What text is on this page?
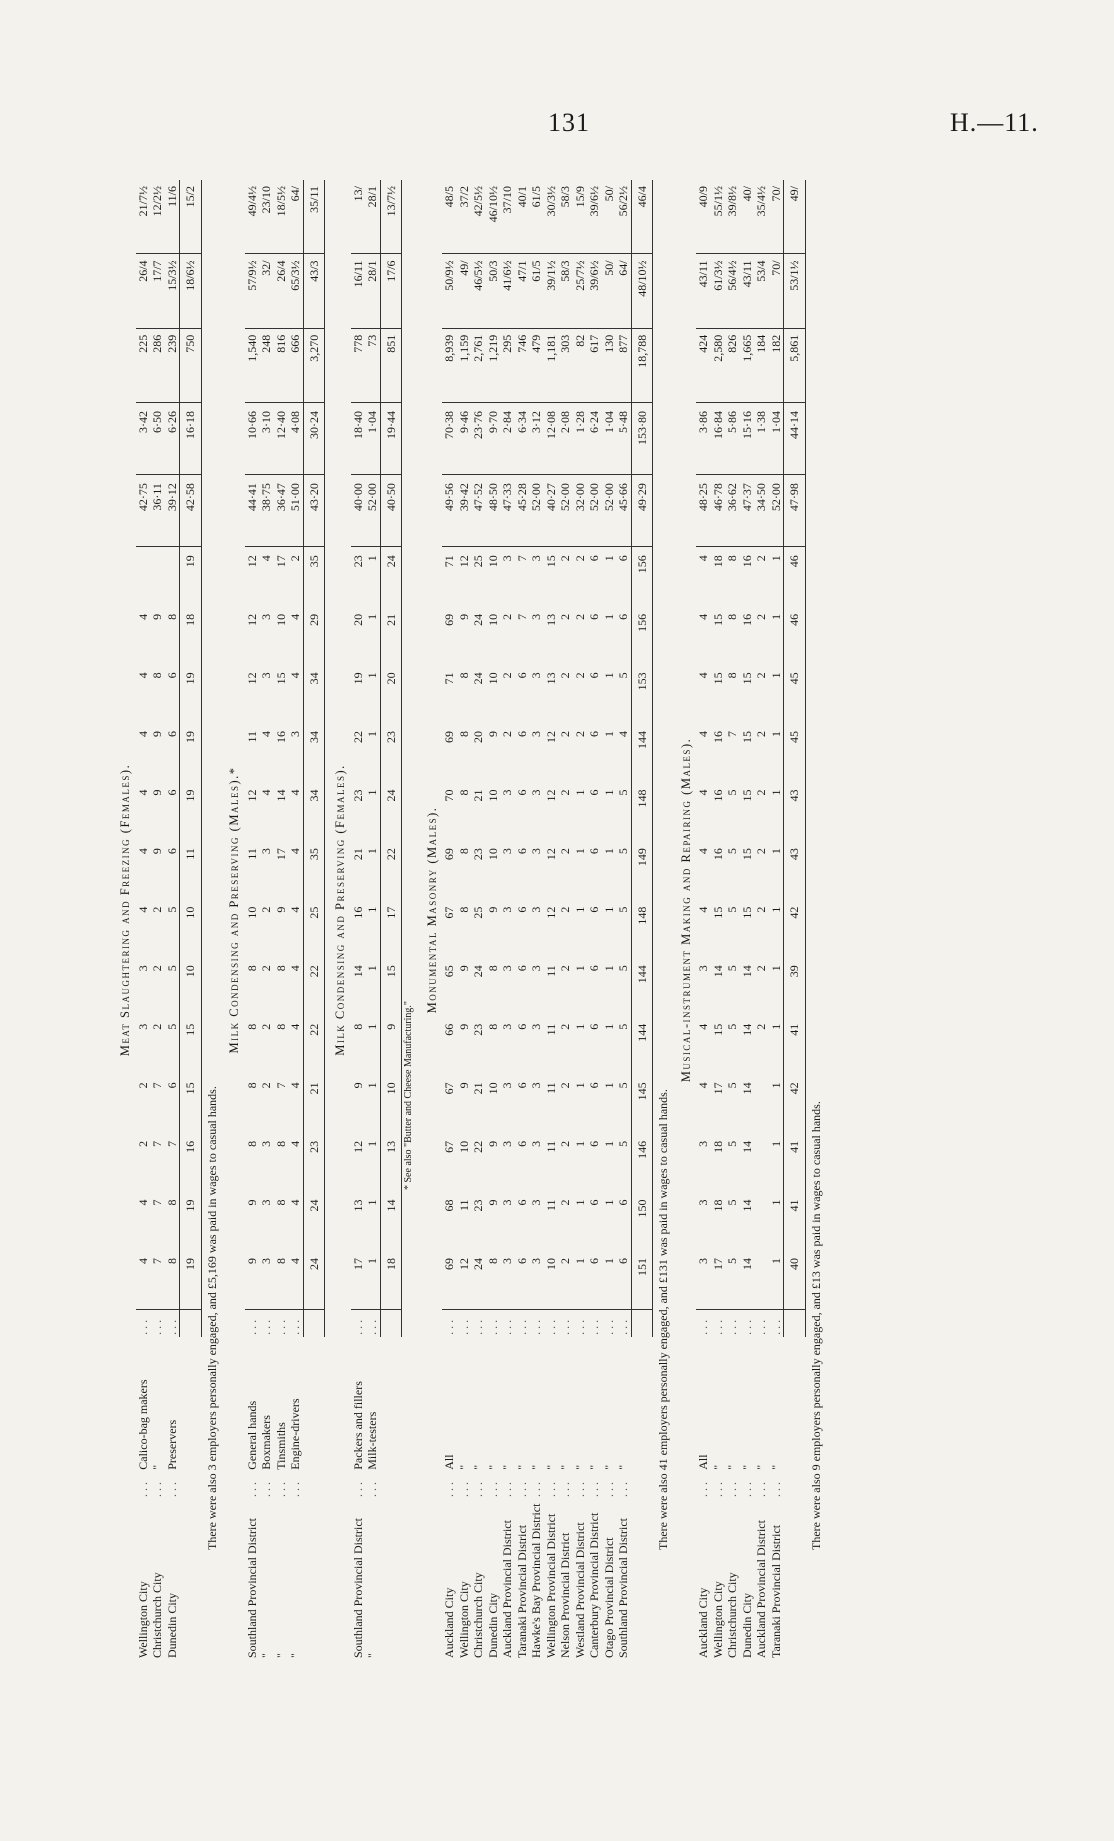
131	H.—11.
Meat Slaughtering and Freezing (Females).
Wellington City	. . .	Calico-bag makers	. . .	4	4	2	2	3	3	4	4	4	4	4	4		42·75	3·42	225	26/4	21/7½
Christchurch City	. . .	"	. . .	7	7	7	7	2	2	2	9	9	9	8	9		36·11	6·50	286	17/7	12/2½
Dunedin City	. . .	Preservers	. . .	8	8	7	6	5	5	5	6	6	6	6	8		39·12	6·26	239	15/3½	11/6
				19	19	16	15	15	10	10	11	19	19	19	18	19	42·58	16·18	750	18/6½	15/2
There were also 3 employers personally engaged, and £5,169 was paid in wages to casual hands.
Milk Condensing and Preserving (Males).*
Southland Provincial District	. . .	General hands	. . .	9	9	8	8	8	8	10	11	12	11	12	12	12	44·41	10·66	1,540	57/9½	49/4½
"	. . .	Boxmakers	. . .	3	3	3	2	2	2	2	3	4	4	3	3	4	38·75	3·10	248	32/	23/10
"	. . .	Tinsmiths	. . .	8	8	8	7	8	8	9	17	14	16	15	10	17	36·47	12·40	816	26/4	18/5½
"	. . .	Engine-drivers	. . .	4	4	4	4	4	4	4	4	4	3	4	4	2	51·00	4·08	666	65/3½	64/
				24	24	23	21	22	22	25	35	34	34	34	29	35	43·20	30·24	3,270	43/3	35/11
Milk Condensing and Preserving (Females).
Southland Provincial District	. . .	Packers and fillers	. . .	17	13	12	9	8	14	16	21	23	22	19	20	23	40·00	18·40	778	16/11	13/
"	. . .	Milk-testers	. . .	1	1	1	1	1	1	1	1	1	1	1	1	1	52·00	1·04	73	28/1	28/1
				18	14	13	10	9	15	17	22	24	23	20	21	24	40·50	19·44	851	17/6	13/7½
* See also "Butter and Cheese Manufacturing."
Monumental Masonry (Males).
Auckland City	. . .	All	. . .	69	68	67	67	66	65	67	69	70	69	71	69	71	49·56	70·38	8,939	50/9½	48/5
Wellington City	. . .	"	. . .	12	11	10	9	9	9	8	8	8	8	8	9	12	39·42	9·46	1,159	49/	37/2
Christchurch City	. . .	"	. . .	24	23	22	21	23	24	25	23	21	20	24	24	25	47·52	23·76	2,761	46/5½	42/5½
Dunedin City	. . .	"	. . .	8	9	9	10	8	8	9	10	10	9	10	10	10	48·50	9·70	1,219	50/3	46/10½
Auckland Provincial District	. . .	"	. . .	3	3	3	3	3	3	3	3	3	2	2	2	3	47·33	2·84	295	41/6½	37/10
Taranaki Provincial District	. . .	"	. . .	6	6	6	6	6	6	6	6	6	6	6	7	7	45·28	6·34	746	47/1	40/1
Hawke's Bay Provincial District	. . .	"	. . .	3	3	3	3	3	3	3	3	3	3	3	3	3	52·00	3·12	479	61/5	61/5
Wellington Provincial District	. . .	"	. . .	10	11	11	11	11	11	12	12	12	12	13	13	15	40·27	12·08	1,181	39/1½	30/3½
Nelson Provincial District	. . .	"	. . .	2	2	2	2	2	2	2	2	2	2	2	2	2	52·00	2·08	303	58/3	58/3
Westland Provincial District	. . .	"	. . .	1	1	1	1	1	1	1	1	1	2	2	2	2	32·00	1·28	82	25/7½	15/9
Canterbury Provincial District	. . .	"	. . .	6	6	6	6	6	6	6	6	6	6	6	6	6	52·00	6·24	617	39/6½	39/6½
Otago Provincial District	. . .	"	. . .	1	1	1	1	1	1	1	1	1	1	1	1	1	52·00	1·04	130	50/	50/
Southland Provincial District	. . .	"	. . .	6	6	5	5	5	5	5	5	5	4	5	6	6	45·66	5·48	877	64/	56/2½
				151	150	146	145	144	144	148	149	148	144	153	156	156	49·29	153·80	18,788	48/10½	46/4
There were also 41 employers personally engaged, and £131 was paid in wages to casual hands.
Musical-instrument Making and Repairing (Males).
Auckland City	. . .	All	. . .	3	3	3	4	4	3	4	4	4	4	4	4	4	48·25	3·86	424	43/11	40/9
Wellington City	. . .	"	. . .	17	18	18	17	15	14	15	16	16	16	15	15	18	46·78	16·84	2,580	61/3½	55/1½
Christchurch City	. . .	"	. . .	5	5	5	5	5	5	5	5	5	7	8	8	8	36·62	5·86	826	56/4½	39/8½
Dunedin City	. . .	"	. . .	14	14	14	14	14	14	15	15	15	15	15	16	16	47·37	15·16	1,665	43/11	40/
Auckland Provincial District	. . .	"	. . .					2	2	2	2	2	2	2	2	2	34·50	1·38	184	53/4	35/4½
Taranaki Provincial District	. . .	"	. . .	1	1	1	1	1	1	1	1	1	1	1	1	1	52·00	1·04	182	70/	70/
				40	41	41	42	41	39	42	43	43	45	45	46	46	47·98	44·14	5,861	53/1½	49/
There were also 9 employers personally engaged, and £13 was paid in wages to casual hands.
